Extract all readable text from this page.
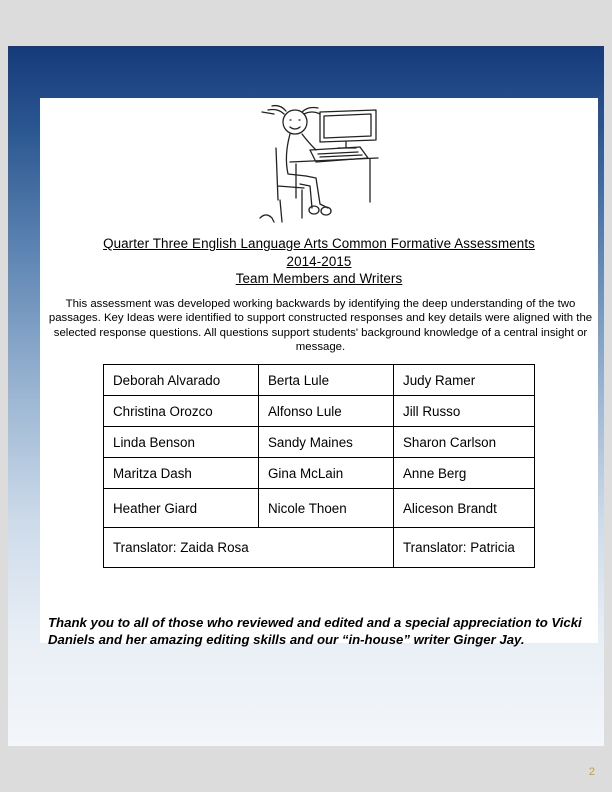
Quarter Three English Language Arts Common Formative Assessments
2014-2015
Team Members and Writers
This assessment was developed working backwards by identifying the deep understanding of the two passages. Key Ideas were identified to support constructed responses and key details were aligned with the selected response questions. All questions support students' background knowledge of a central insight or message.
Deborah Alvarado	Berta Lule	Judy Ramer
Christina Orozco	Alfonso Lule	Jill Russo
Linda Benson	Sandy Maines	Sharon Carlson
Maritza Dash	Gina McLain	Anne Berg
Heather Giard	Nicole Thoen	Aliceson Brandt
Translator: Zaida Rosa		Translator: Patricia
Thank you to all of those who reviewed and edited and a special appreciation to Vicki Daniels and her amazing editing skills and our “in-house” writer Ginger Jay.
2
